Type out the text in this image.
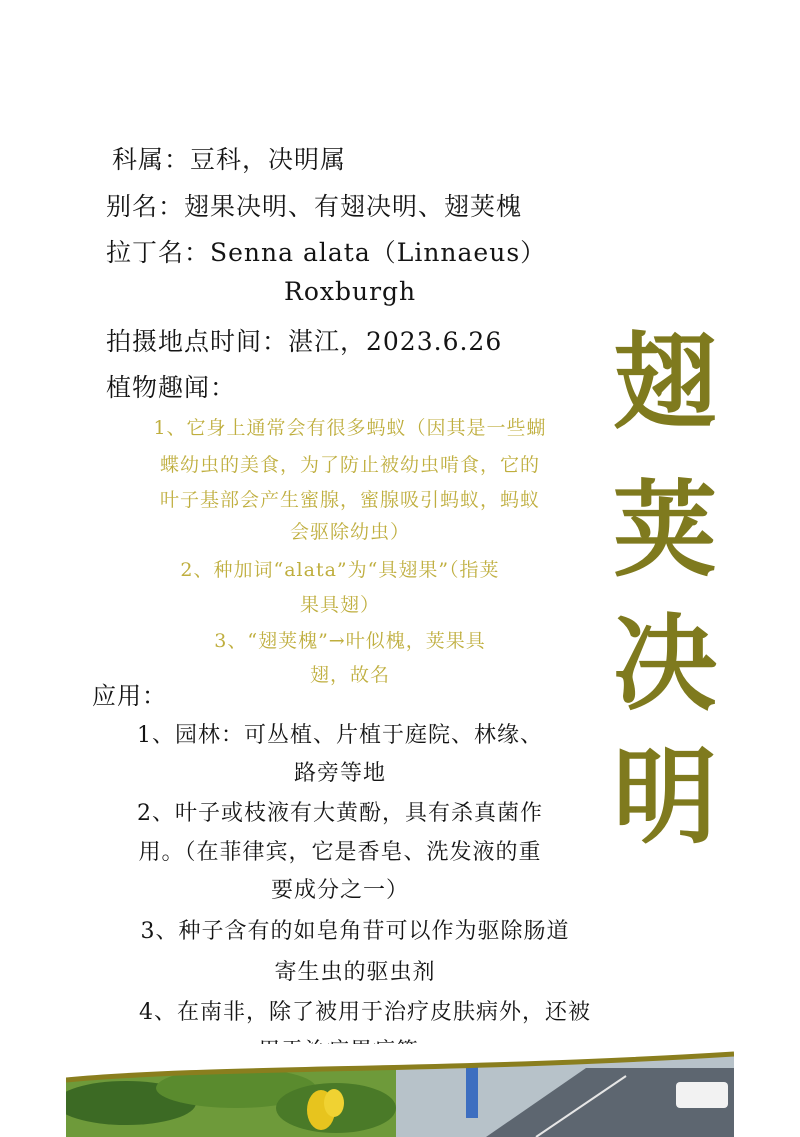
科属：豆科，决明属
别名：翅果决明、有翅决明、翅荚槐
拉丁名：Senna alata（Linnaeus）
Roxburgh
拍摄地点时间：湛江，2023.6.26
植物趣闻：
1、它身上通常会有很多蚂蚁（因其是一些蝴
蝶幼虫的美食，为了防止被幼虫啃食，它的
叶子基部会产生蜜腺，蜜腺吸引蚂蚁，蚂蚁
会驱除幼虫）
2、种加词“alata”为“具翅果”（指荚
果具翅）
3、“翅荚槐”→叶似槐，荚果具
翅，故名
应用：
1、园林：可丛植、片植于庭院、林缘、
路旁等地
2、叶子或枝液有大黄酚，具有杀真菌作
用。（在菲律宾，它是香皂、洗发液的重
要成分之一）
3、种子含有的如皂角苷可以作为驱除肠道
寄生虫的驱虫剂
4、在南非，除了被用于治疗皮肤病外，还被
翅
荚
决
明
